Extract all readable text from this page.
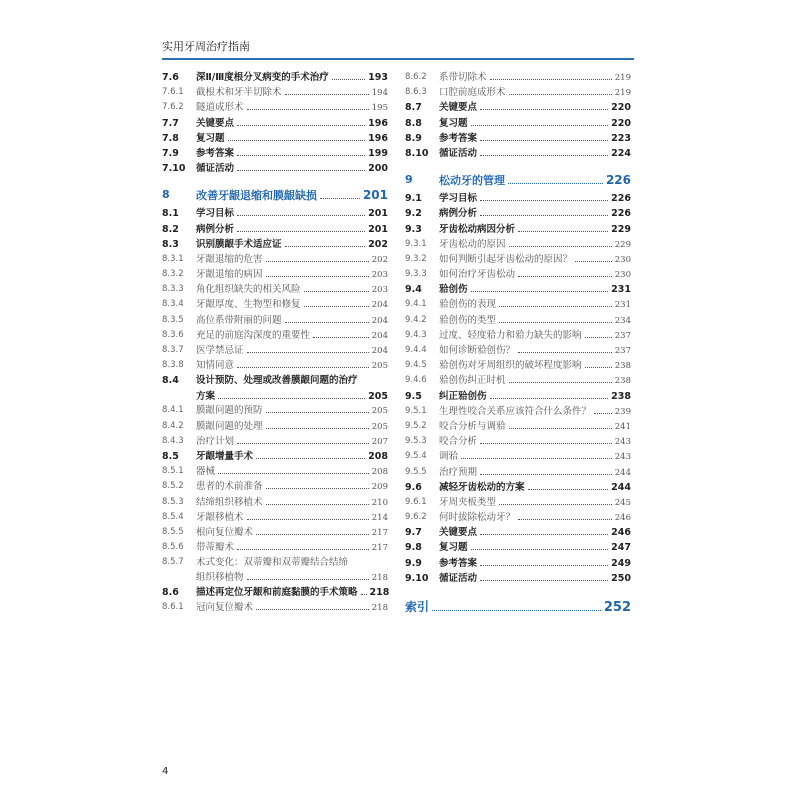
实用牙周治疗指南
7.6	深Ⅱ/Ⅲ度根分叉病变的手术治疗	193
7.6.1	截根术和牙半切除术	194
7.6.2	隧道成形术	195
7.7	关键要点	196
7.8	复习题	196
7.9	参考答案	199
7.10	循证活动	200
8	改善牙龈退缩和膜龈缺损	201
8.1	学习目标	201
8.2	病例分析	201
8.3	识别膜龈手术适应证	202
8.3.1	牙龈退缩的危害	202
8.3.2	牙龈退缩的病因	203
8.3.3	角化组织缺失的相关风险	203
8.3.4	牙龈厚度、生物型和修复	204
8.3.5	高位系带附丽的问题	204
8.3.6	充足的前庭沟深度的重要性	204
8.3.7	医学禁忌证	204
8.3.8	知情同意	205
8.4	设计预防、处理或改善膜龈问题的治疗
方案	205
8.4.1	膜龈问题的预防	205
8.4.2	膜龈问题的处理	205
8.4.3	治疗计划	207
8.5	牙龈增量手术	208
8.5.1	器械	208
8.5.2	患者的术前准备	209
8.5.3	结缔组织移植术	210
8.5.4	牙龈移植术	214
8.5.5	根向复位瓣术	217
8.5.6	带蒂瓣术	217
8.5.7	术式变化：双蒂瓣和双蒂瓣结合结缔
组织移植物	218
8.6	描述再定位牙龈和前庭黏膜的手术策略 218
8.6.1	冠向复位瓣术	218
8.6.2	系带切除术	219
8.6.3	口腔前庭成形术	219
8.7	关键要点	220
8.8	复习题	220
8.9	参考答案	223
8.10	循证活动	224
9	松动牙的管理	226
9.1	学习目标	226
9.2	病例分析	226
9.3	牙齿松动病因分析	229
9.3.1	牙齿松动的原因	229
9.3.2	如何判断引起牙齿松动的原因？	230
9.3.3	如何治疗牙齿松动	230
9.4	𬌗创伤	231
9.4.1	𬌗创伤的表现	231
9.4.2	𬌗创伤的类型	234
9.4.3	过度、轻度𬌗力和𬌗力缺失的影响	237
9.4.4	如何诊断𬌗创伤？	237
9.4.5	𬌗创伤对牙周组织的破坏程度影响	238
9.4.6	𬌗创伤纠正时机	238
9.5	纠正𬌗创伤	238
9.5.1	生理性咬合关系应该符合什么条件？	239
9.5.2	咬合分析与调𬌗	241
9.5.3	咬合分析	243
9.5.4	调𬌗	243
9.5.5	治疗预期	244
9.6	减轻牙齿松动的方案	244
9.6.1	牙周夹板类型	245
9.6.2	何时拔除松动牙？	246
9.7	关键要点	246
9.8	复习题	247
9.9	参考答案	249
9.10	循证活动	250
索引	252
4
